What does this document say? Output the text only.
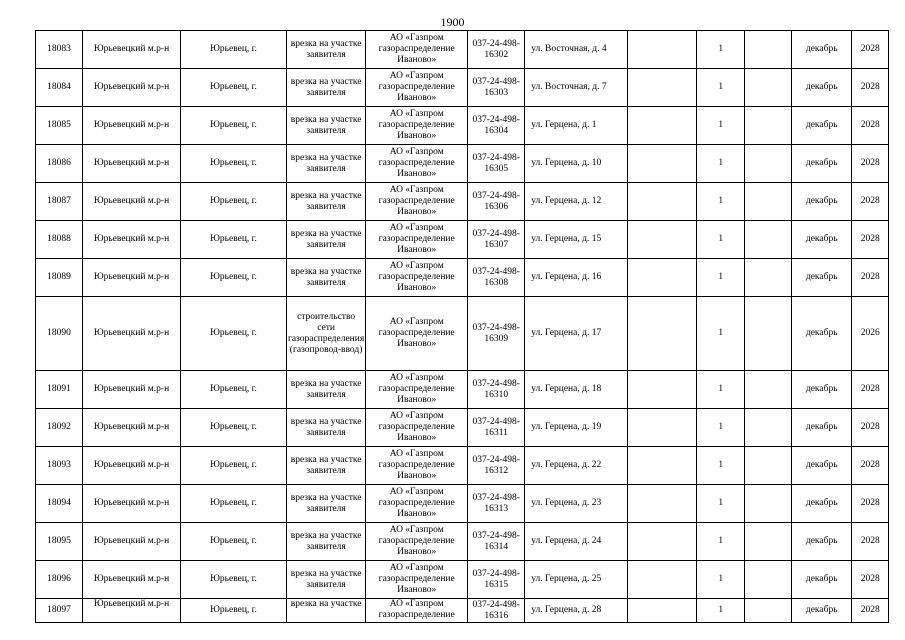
1900
18083	Юрьевецкий м.р-н	Юрьевец, г.	врезка на участке заявителя	АО «Газпром газораспределение Иваново»	037-24-498-16302	ул. Восточная, д. 4		1		декабрь	2028
18084	Юрьевецкий м.р-н	Юрьевец, г.	врезка на участке заявителя	АО «Газпром газораспределение Иваново»	037-24-498-16303	ул. Восточная, д. 7		1		декабрь	2028
18085	Юрьевецкий м.р-н	Юрьевец, г.	врезка на участке заявителя	АО «Газпром газораспределение Иваново»	037-24-498-16304	ул. Герцена, д. 1		1		декабрь	2028
18086	Юрьевецкий м.р-н	Юрьевец, г.	врезка на участке заявителя	АО «Газпром газораспределение Иваново»	037-24-498-16305	ул. Герцена, д. 10		1		декабрь	2028
18087	Юрьевецкий м.р-н	Юрьевец, г.	врезка на участке заявителя	АО «Газпром газораспределение Иваново»	037-24-498-16306	ул. Герцена, д. 12		1		декабрь	2028
18088	Юрьевецкий м.р-н	Юрьевец, г.	врезка на участке заявителя	АО «Газпром газораспределение Иваново»	037-24-498-16307	ул. Герцена, д. 15		1		декабрь	2028
18089	Юрьевецкий м.р-н	Юрьевец, г.	врезка на участке заявителя	АО «Газпром газораспределение Иваново»	037-24-498-16308	ул. Герцена, д. 16		1		декабрь	2028
18090	Юрьевецкий м.р-н	Юрьевец, г.	строительство сети газораспределения (газопровод-ввод)	АО «Газпром газораспределение Иваново»	037-24-498-16309	ул. Герцена, д. 17		1		декабрь	2026
18091	Юрьевецкий м.р-н	Юрьевец, г.	врезка на участке заявителя	АО «Газпром газораспределение Иваново»	037-24-498-16310	ул. Герцена, д. 18		1		декабрь	2028
18092	Юрьевецкий м.р-н	Юрьевец, г.	врезка на участке заявителя	АО «Газпром газораспределение Иваново»	037-24-498-16311	ул. Герцена, д. 19		1		декабрь	2028
18093	Юрьевецкий м.р-н	Юрьевец, г.	врезка на участке заявителя	АО «Газпром газораспределение Иваново»	037-24-498-16312	ул. Герцена, д. 22		1		декабрь	2028
18094	Юрьевецкий м.р-н	Юрьевец, г.	врезка на участке заявителя	АО «Газпром газораспределение Иваново»	037-24-498-16313	ул. Герцена, д. 23		1		декабрь	2028
18095	Юрьевецкий м.р-н	Юрьевец, г.	врезка на участке заявителя	АО «Газпром газораспределение Иваново»	037-24-498-16314	ул. Герцена, д. 24		1		декабрь	2028
18096	Юрьевецкий м.р-н	Юрьевец, г.	врезка на участке заявителя	АО «Газпром газораспределение Иваново»	037-24-498-16315	ул. Герцена, д. 25		1		декабрь	2028
18097	Юрьевецкий м.р-н	Юрьевец, г.	врезка на участке	АО «Газпром газораспределение	037-24-498-16316	ул. Герцена, д. 28		1		декабрь	2028
